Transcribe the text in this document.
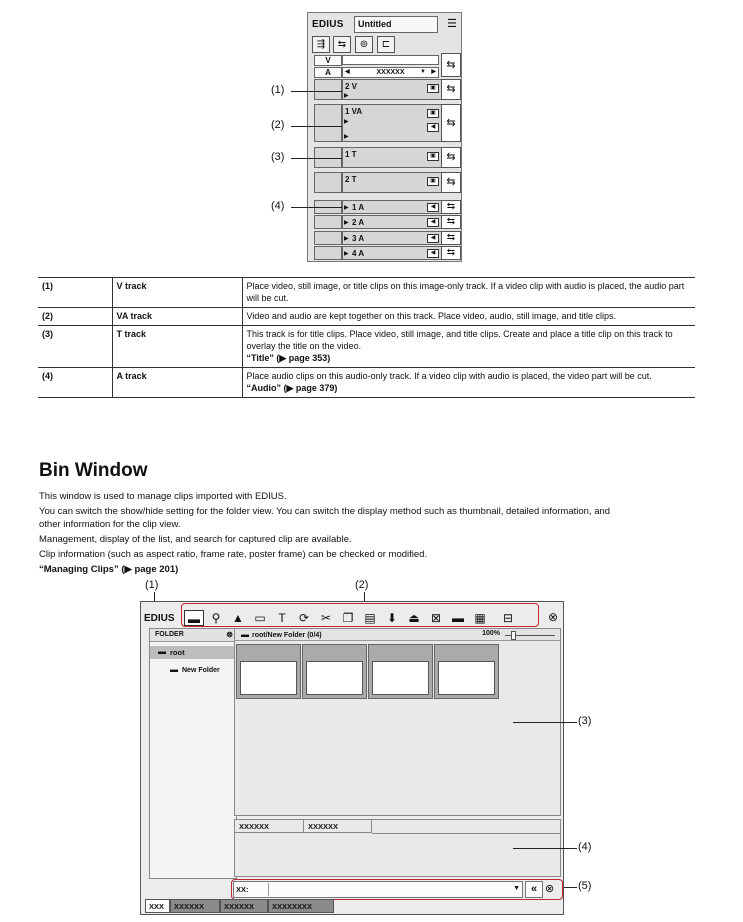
EDIUS	Untitled	☰
⇶	⇆	⊚	⊏
V
A	◀	XXXXXX	▼ ▶
⇆
2 V
▶
▣ ⇆
1 VA
▶
▶
▣
◀	⇆
1 T	▣ ⇆
2 T	▣ ⇆
1 A
▶	◀	⇆
2 A
▶	◀	⇆
3 A
▶	◀	⇆
4 A
▶	◀	⇆
(1)
(2)
(3)
(4)
(1)	V track	Place video, still image, or title clips on this image-only track. If a video clip with audio is placed, the audio part will be cut.
(2)	VA track	Video and audio are kept together on this track. Place video, audio, still image, and title clips.
(3)	T track	This track is for title clips. Place video, still image, and title clips. Create and place a title clip on this track to overlay the title on the video.
“Title” (▶ page 353)

(4)	A track	Place audio clips on this audio-only track. If a video clip with audio is placed, the video part will be cut.
“Audio” (▶ page 379)
Bin Window
This window is used to manage clips imported with EDIUS.
You can switch the show/hide setting for the folder view. You can switch the display method such as thumbnail, detailed information, and
other information for the clip view.
Management, display of the list, and search for captured clip are available.
Clip information (such as aspect ratio, frame rate, poster frame) can be checked or modified.
“Managing Clips” (▶ page 201)
(1)	(2)
EDIUS	▬ ⚲ ▲ ▭	T	⟳ ✂ ❐ ▤ ⬇ ⏏ ⊠ ▬ ▦	⊟	⊗
FOLDER	⊗
▬ root
▬ New Folder
▬ root/New Folder (0/4)	100%
XXXXXX	XXXXXX
XX:	▼ « ⊗
XXX	XXXXXX	XXXXXX	XXXXXXXX
(3)
(4)
(5)
